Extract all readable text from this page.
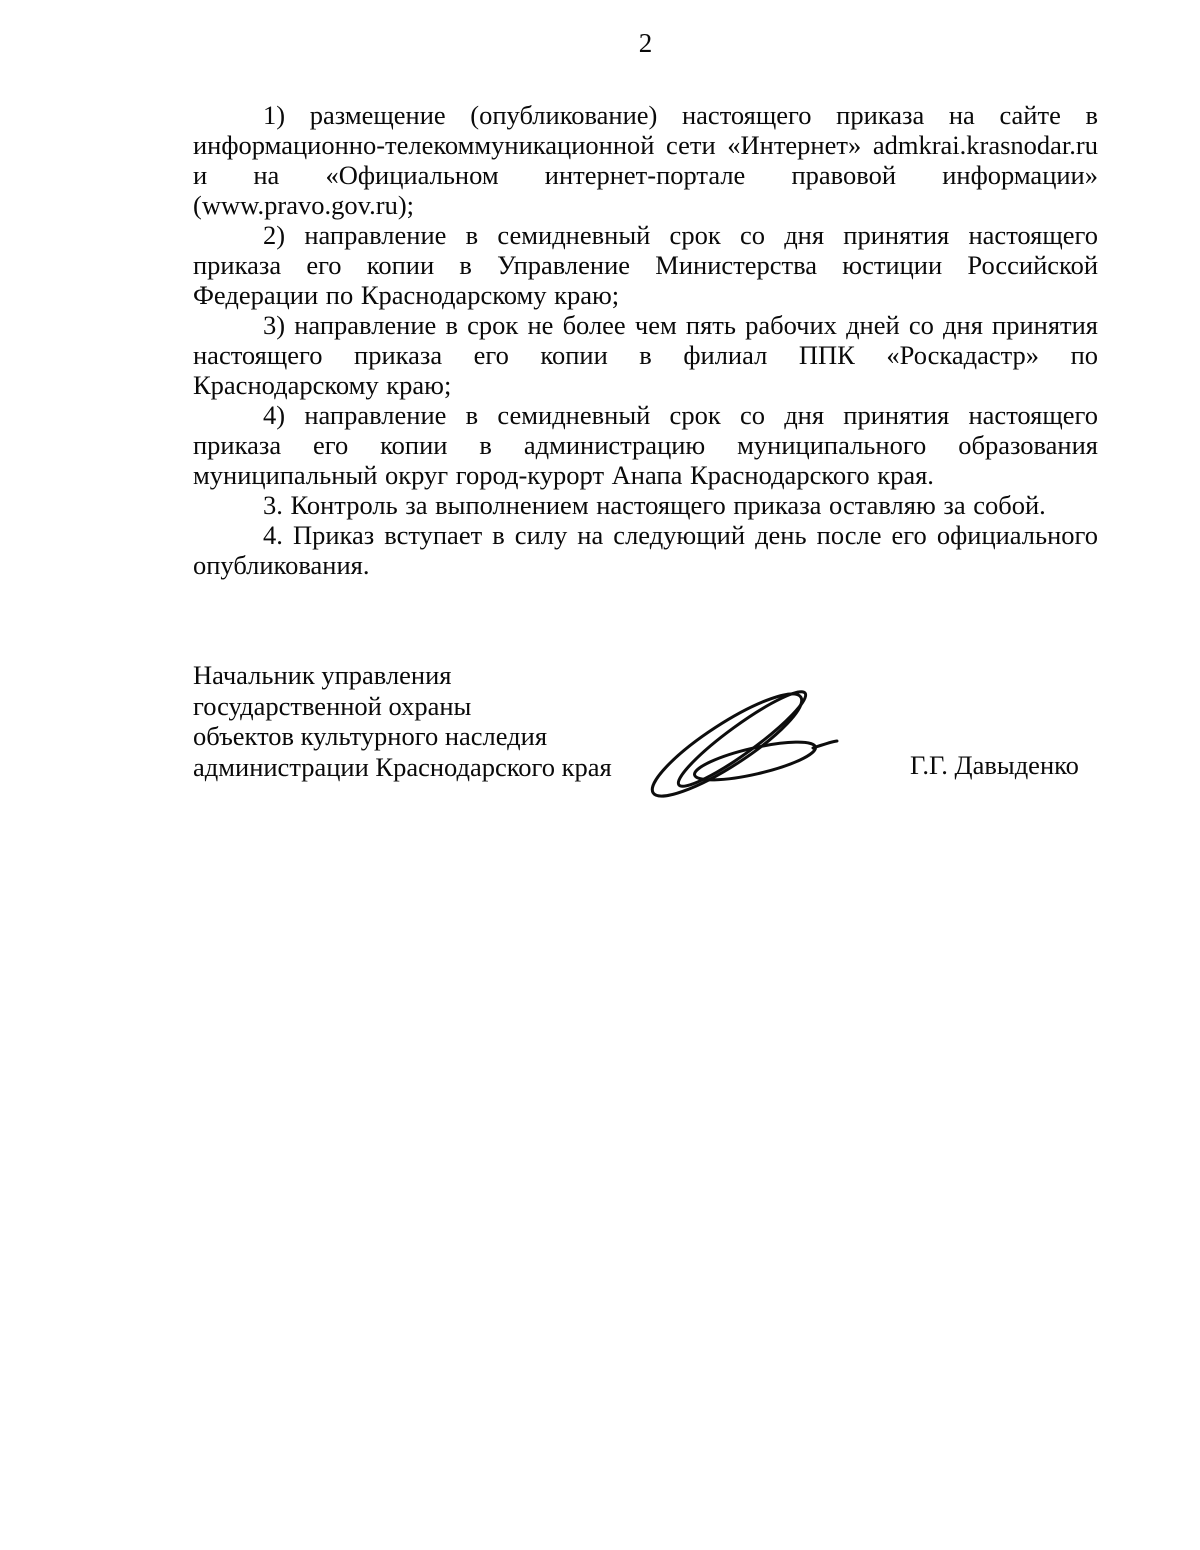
2

1) размещение (опубликование) настоящего приказа на сайте в информационно-телекоммуникационной сети «Интернет» admkrai.krasnodar.ru и на «Официальном интернет-портале правовой информации» (www.pravo.gov.ru);

2) направление в семидневный срок со дня принятия настоящего приказа его копии в Управление Министерства юстиции Российской Федерации по Краснодарскому краю;

3) направление в срок не более чем пять рабочих дней со дня принятия настоящего приказа его копии в филиал ППК «Роскадастр» по Краснодарскому краю;

4) направление в семидневный срок со дня принятия настоящего приказа его копии в администрацию муниципального образования муниципальный округ город-курорт Анапа Краснодарского края.

3. Контроль за выполнением настоящего приказа оставляю за собой.

4. Приказ вступает в силу на следующий день после его официального опубликования.

Начальник управления
государственной охраны
объектов культурного наследия
администрации Краснодарского края	Г.Г. Давыденко
